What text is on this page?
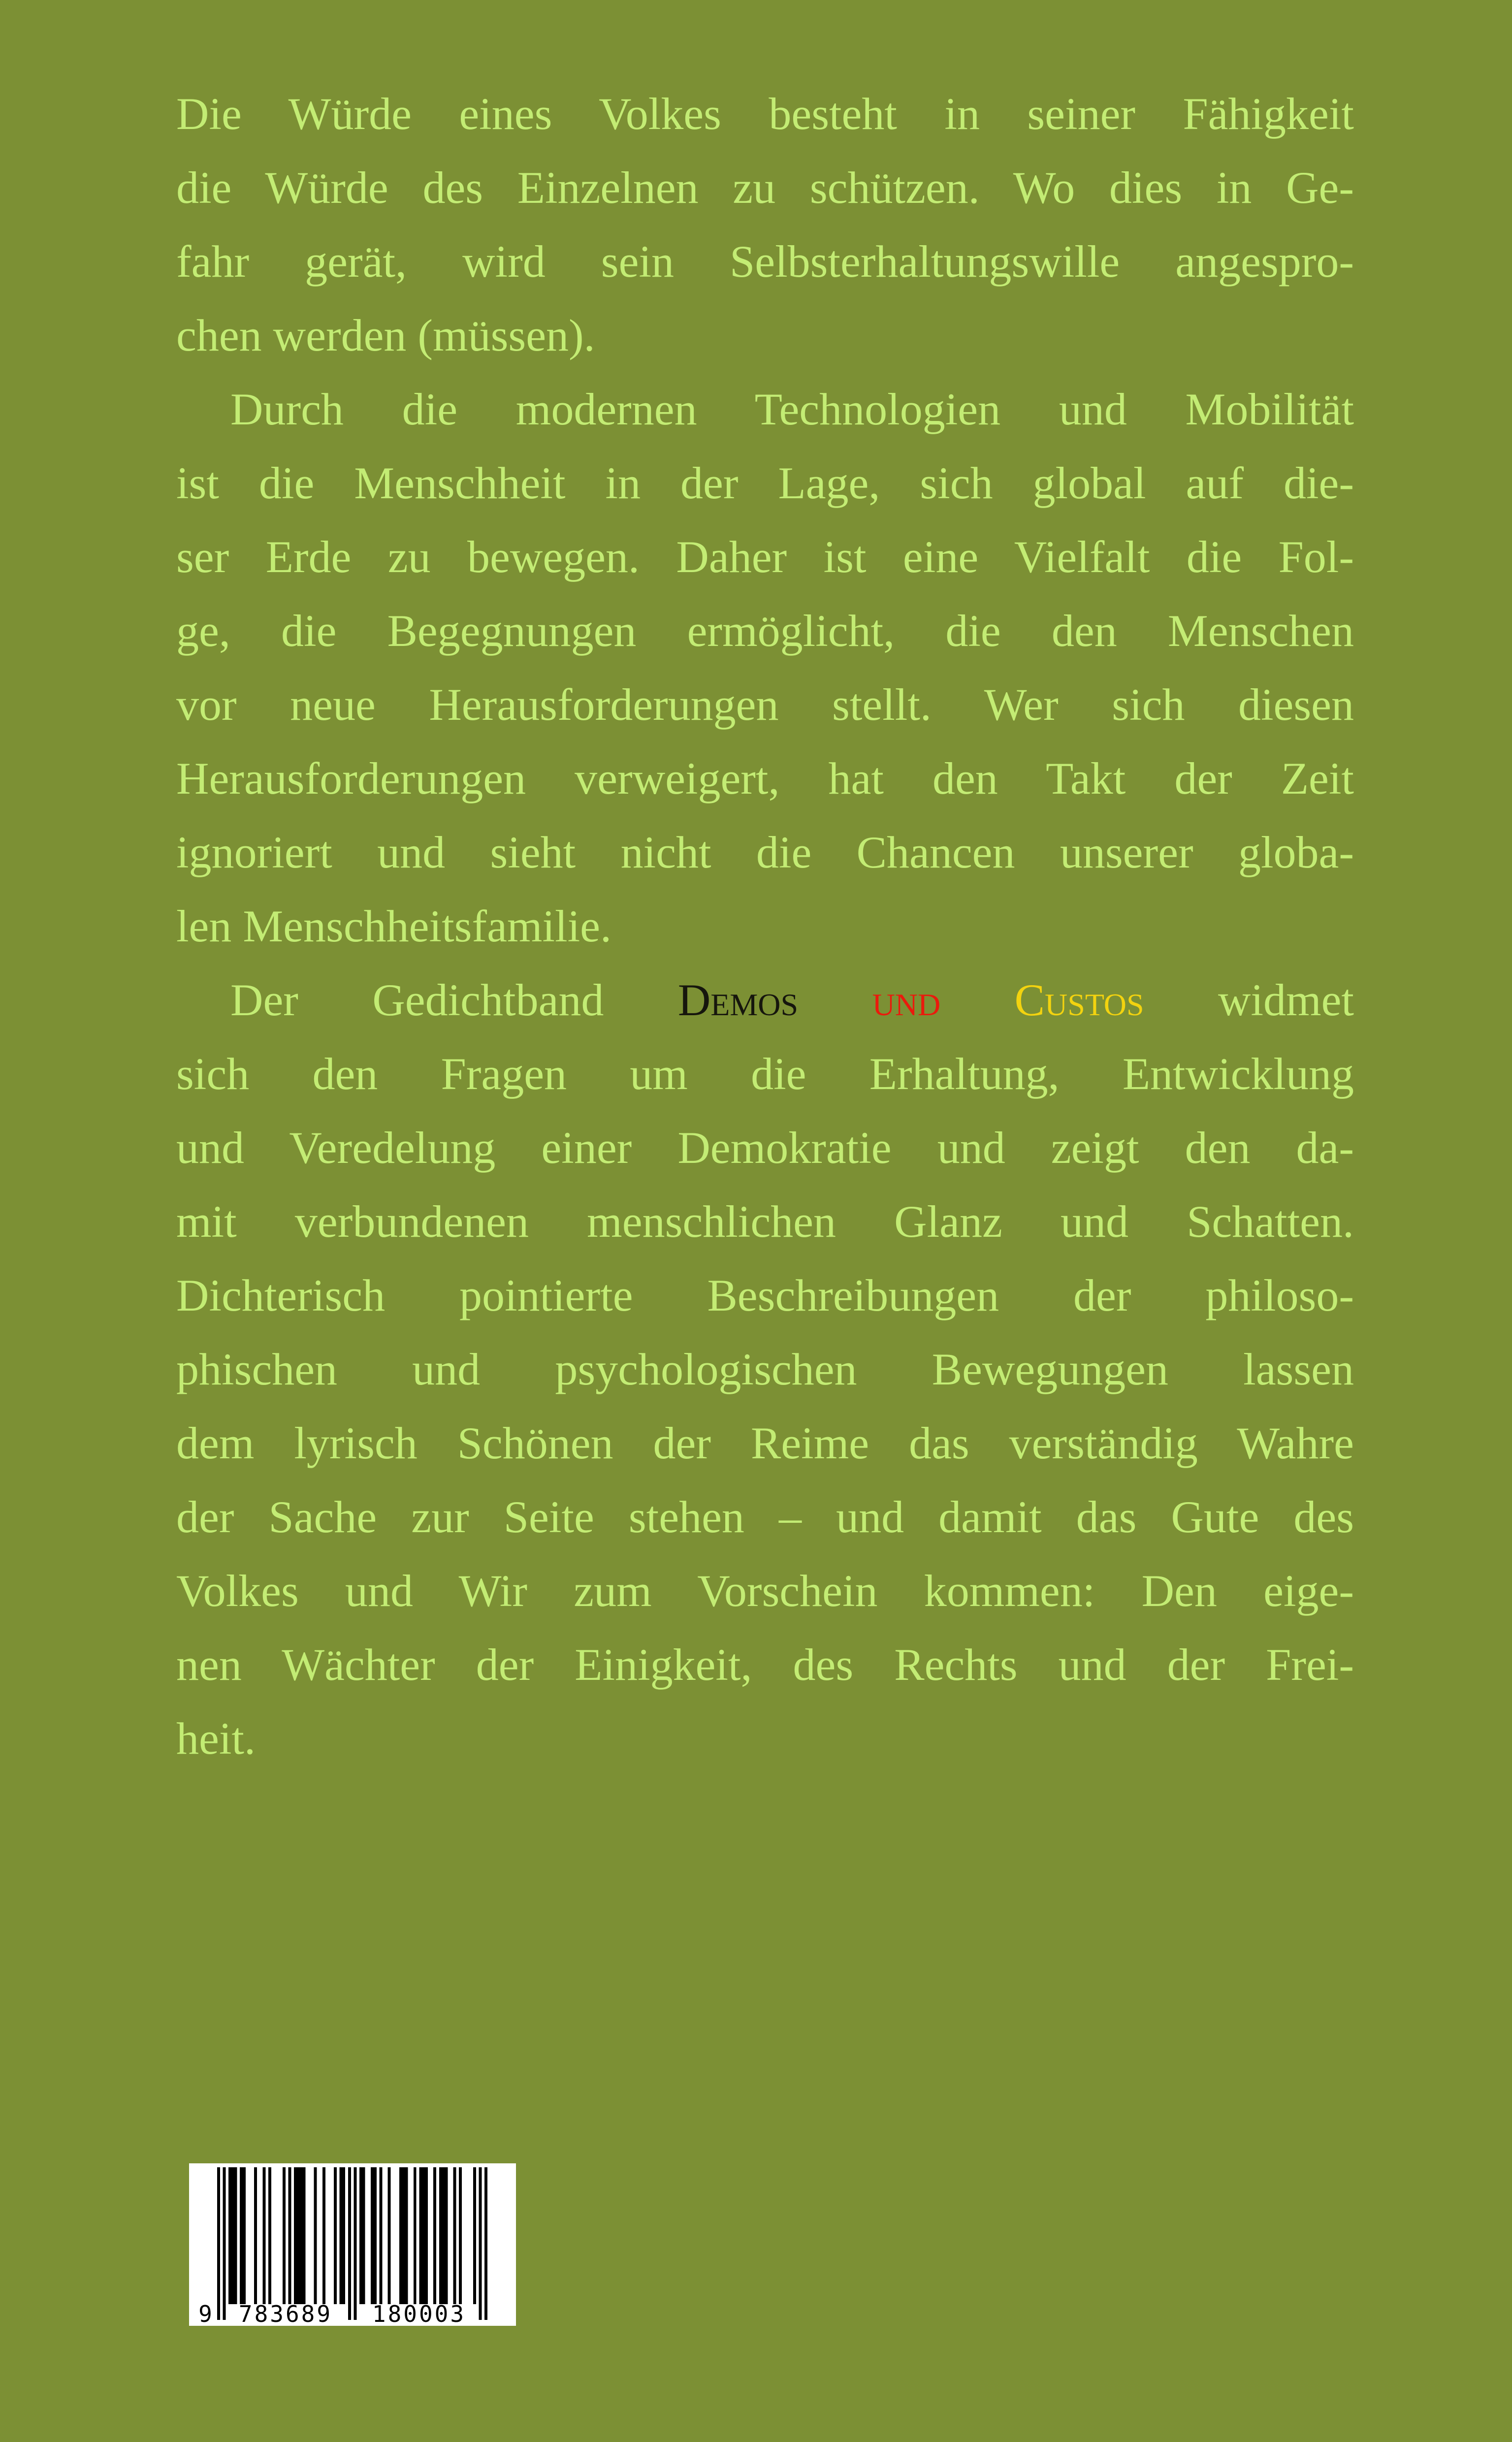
Die Würde eines Volkes besteht in seiner Fähigkeit
die Würde des Einzelnen zu schützen. Wo dies in Ge-
fahr gerät, wird sein Selbsterhaltungswille angespro-
chen werden (müssen).
Durch die modernen Technologien und Mobilität
ist die Menschheit in der Lage, sich global auf die-
ser Erde zu bewegen. Daher ist eine Vielfalt die Fol-
ge, die Begegnungen ermöglicht, die den Menschen
vor neue Herausforderungen stellt. Wer sich diesen
Herausforderungen verweigert, hat den Takt der Zeit
ignoriert und sieht nicht die Chancen unserer globa-
len Menschheitsfamilie.
Der Gedichtband Demos und Custos widmet
sich den Fragen um die Erhaltung, Entwicklung
und Veredelung einer Demokratie und zeigt den da-
mit verbundenen menschlichen Glanz und Schatten.
Dichterisch pointierte Beschreibungen der philoso-
phischen und psychologischen Bewegungen lassen
dem lyrisch Schönen der Reime das verständig Wahre
der Sache zur Seite stehen – und damit das Gute des
Volkes und Wir zum Vorschein kommen: Den eige-
nen Wächter der Einigkeit, des Rechts und der Frei-
heit.
9 783689 180003
